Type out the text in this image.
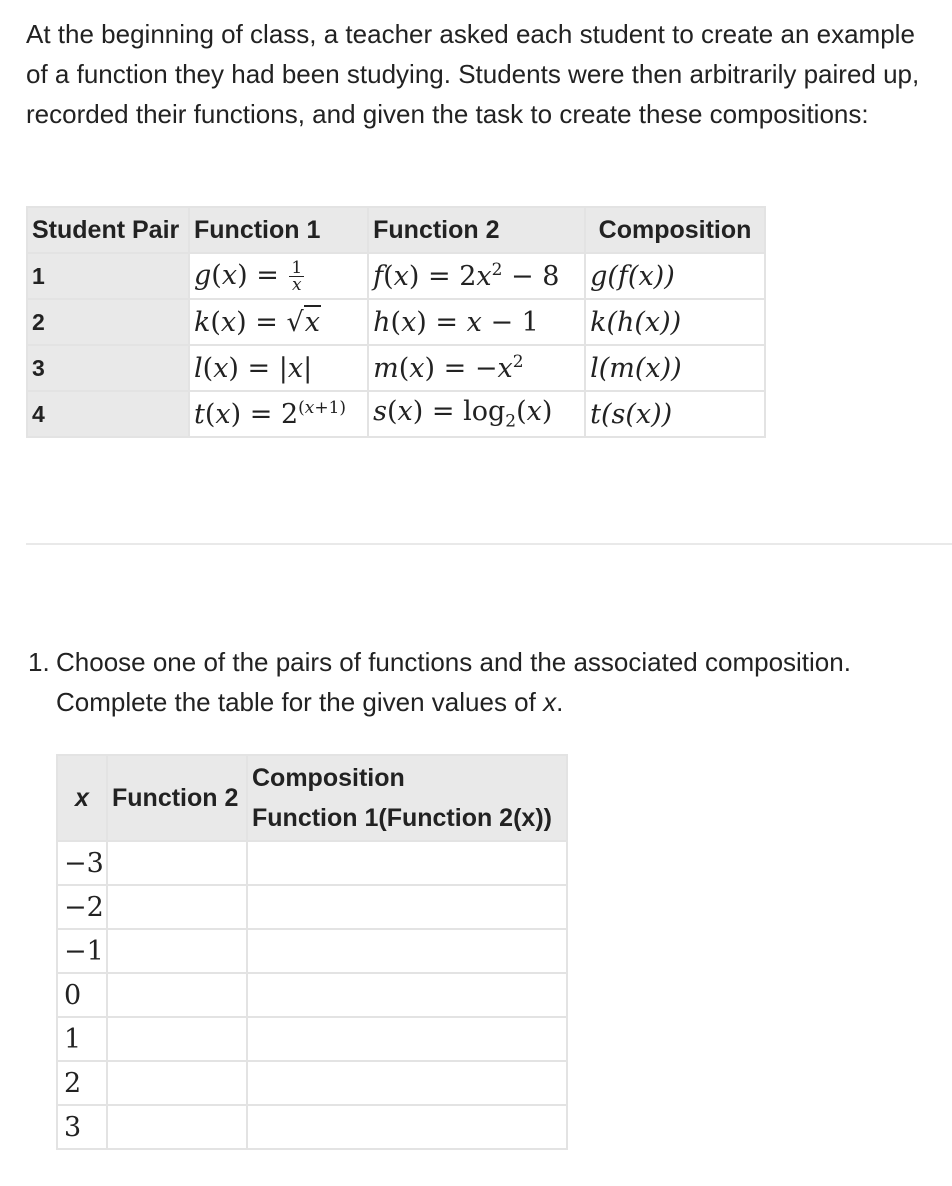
At the beginning of class, a teacher asked each student to create an example of a function they had been studying. Students were then arbitrarily paired up, recorded their functions, and given the task to create these compositions:

Student Pair	Function 1	Function 2	Composition
1	$g(x) = \frac{1}{x}$	$f(x) = 2x^2 - 8$	g(f(x))
2	k(x) = √x	h(x) = x − 1	k(h(x))
3	l(x) = |x|	$m(x) = -x^2$	l(m(x))
4	$t(x) = 2^{(x+1)}$	$s(x) = \log_2(x)$	t(s(x))

1. Choose one of the pairs of functions and the associated composition.
Complete the table for the given values of x.

x	Function 2	Composition
Function 1(Function 2(x))
−3		
−2		
−1		
0		
1		
2		
3		
